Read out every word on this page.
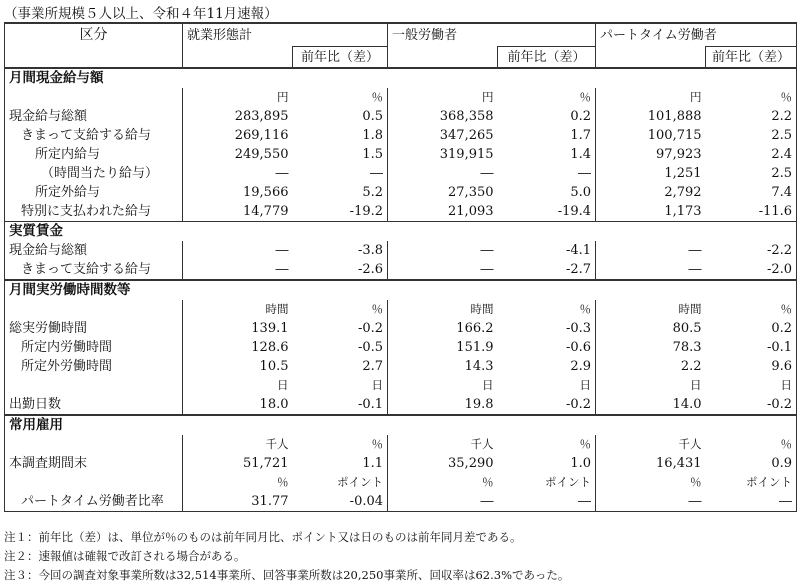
（事業所規模５人以上、令和４年11月速報）
区分	就業形態計		一般労働者		パートタイム労働者	
		前年比（差）		前年比（差）		前年比（差）
月間現金給与額						
	円	％	円	％	円	％
現金給与総額	283,895	0.5	368,358	0.2	101,888	2.2
きまって支給する給与	269,116	1.8	347,265	1.7	100,715	2.5
所定内給与	249,550	1.5	319,915	1.4	97,923	2.4
（時間当たり給与）	―	―	―	―	1,251	2.5
所定外給与	19,566	5.2	27,350	5.0	2,792	7.4
特別に支払われた給与	14,779	-19.2	21,093	-19.4	1,173	-11.6
実質賃金						
現金給与総額	―	-3.8	―	-4.1	―	-2.2
きまって支給する給与	―	-2.6	―	-2.7	―	-2.0
月間実労働時間数等						
	時間	％	時間	％	時間	％
総実労働時間	139.1	-0.2	166.2	-0.3	80.5	0.2
所定内労働時間	128.6	-0.5	151.9	-0.6	78.3	-0.1
所定外労働時間	10.5	2.7	14.3	2.9	2.2	9.6
	日	日	日	日	日	日
出勤日数	18.0	-0.1	19.8	-0.2	14.0	-0.2
常用雇用						
	千人	％	千人	％	千人	％
本調査期間末	51,721	1.1	35,290	1.0	16,431	0.9
	％	ポイント	％	ポイント	％	ポイント
パートタイム労働者比率	31.77	-0.04	―	―	―	―
注１：前年比（差）は、単位が％のものは前年同月比、ポイント又は日のものは前年同月差である。
注２：速報値は確報で改訂される場合がある。
注３：今回の調査対象事業所数は32,514事業所、回答事業所数は20,250事業所、回収率は62.3%であった。
